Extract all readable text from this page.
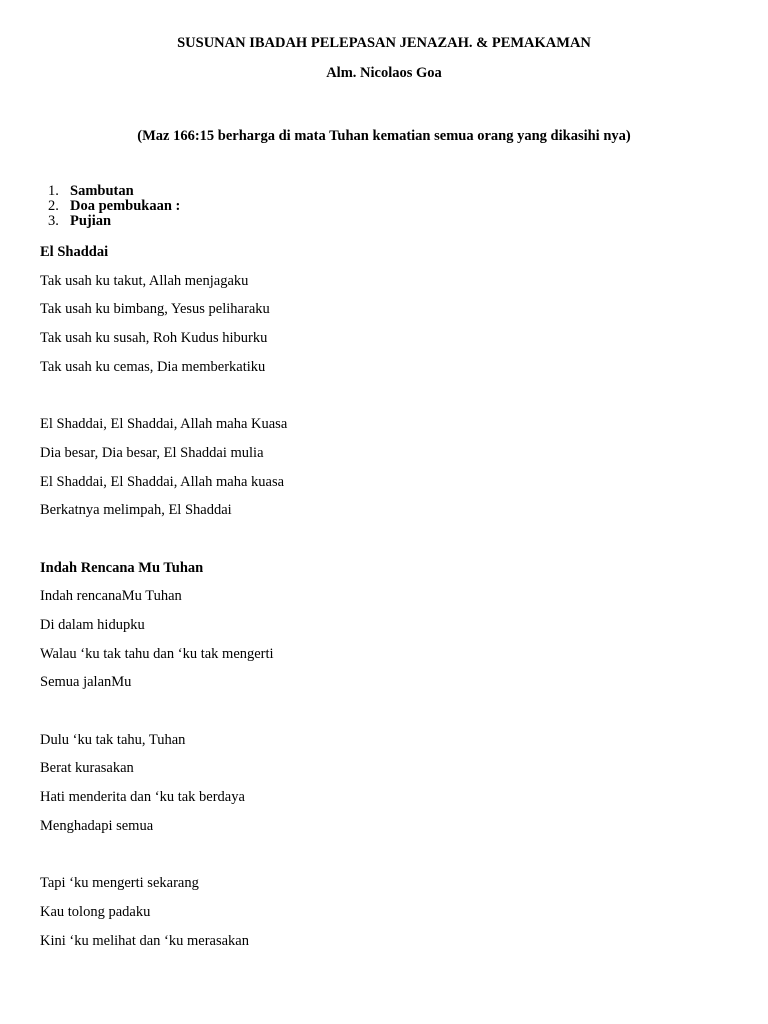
SUSUNAN IBADAH PELEPASAN JENAZAH. & PEMAKAMAN
Alm. Nicolaos Goa
(Maz 166:15 berharga di mata Tuhan kematian semua orang yang dikasihi nya)
1. Sambutan
2. Doa pembukaan :
3. Pujian
El Shaddai
Tak usah ku takut, Allah menjagaku
Tak usah ku bimbang, Yesus peliharaku
Tak usah ku susah, Roh Kudus hiburku
Tak usah ku cemas, Dia memberkatiku
El Shaddai, El Shaddai, Allah maha Kuasa
Dia besar, Dia besar, El Shaddai mulia
El Shaddai, El Shaddai, Allah maha kuasa
Berkatnya melimpah, El Shaddai
Indah Rencana Mu Tuhan
Indah rencanaMu Tuhan
Di dalam hidupku
Walau ‘ku tak tahu dan ‘ku tak mengerti
Semua jalanMu
Dulu ‘ku tak tahu, Tuhan
Berat kurasakan
Hati menderita dan ‘ku tak berdaya
Menghadapi semua
Tapi ‘ku mengerti sekarang
Kau tolong padaku
Kini ‘ku melihat dan ‘ku merasakan
